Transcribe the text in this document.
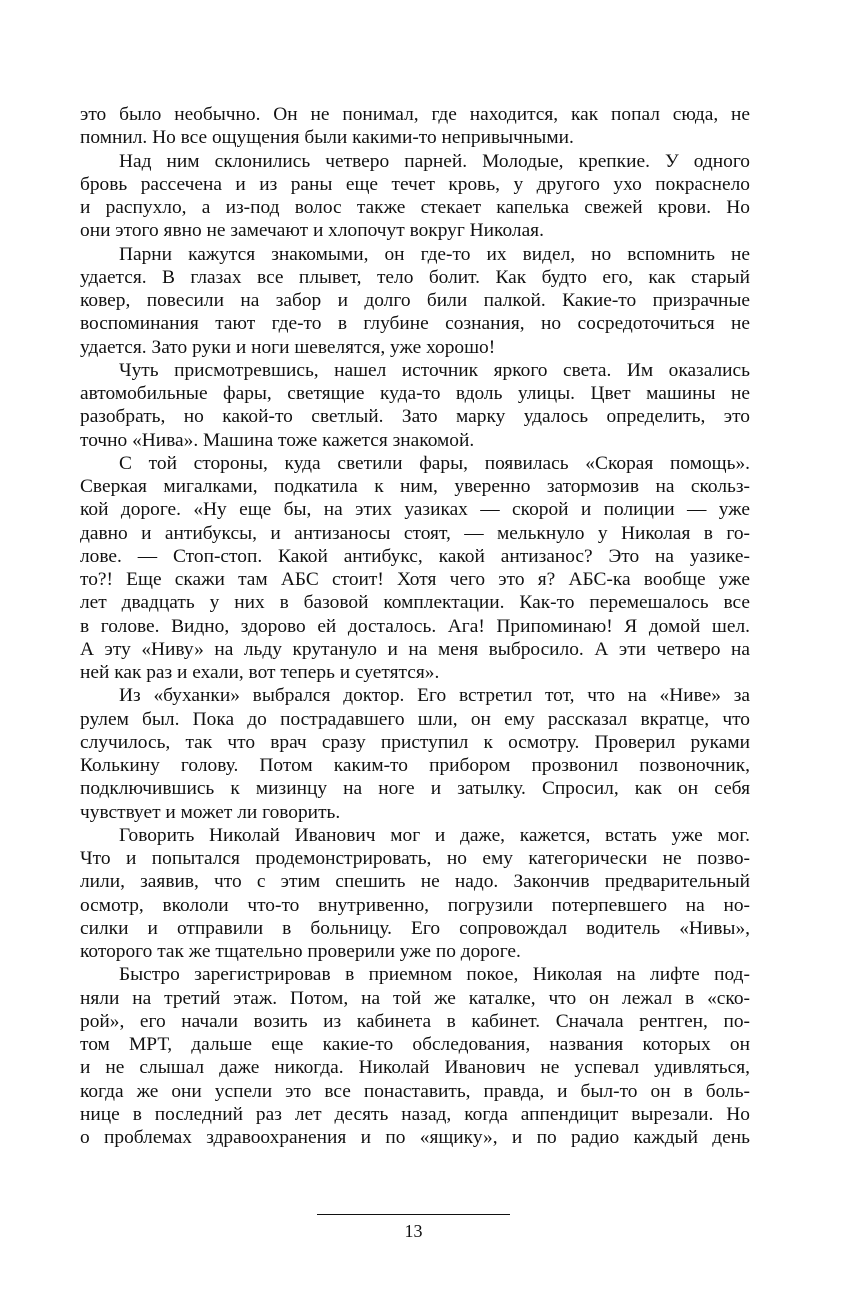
это было необычно. Он не понимал, где находится, как попал сюда, не
помнил. Но все ощущения были какими-то непривычными.
Над ним склонились четверо парней. Молодые, крепкие. У одного
бровь рассечена и из раны еще течет кровь, у другого ухо покраснело
и распухло, а из-под волос также стекает капелька свежей крови. Но
они этого явно не замечают и хлопочут вокруг Николая.
Парни кажутся знакомыми, он где-то их видел, но вспомнить не
удается. В глазах все плывет, тело болит. Как будто его, как старый
ковер, повесили на забор и долго били палкой. Какие-то призрачные
воспоминания тают где-то в глубине сознания, но сосредоточиться не
удается. Зато руки и ноги шевелятся, уже хорошо!
Чуть присмотревшись, нашел источник яркого света. Им оказались
автомобильные фары, светящие куда-то вдоль улицы. Цвет машины не
разобрать, но какой-то светлый. Зато марку удалось определить, это
точно «Нива». Машина тоже кажется знакомой.
С той стороны, куда светили фары, появилась «Скорая помощь».
Сверкая мигалками, подкатила к ним, уверенно затормозив на скольз-
кой дороге. «Ну еще бы, на этих уазиках — скорой и полиции — уже
давно и антибуксы, и антизаносы стоят, — мелькнуло у Николая в го-
лове. — Стоп-стоп. Какой антибукс, какой антизанос? Это на уазике-
то?! Еще скажи там АБС стоит! Хотя чего это я? АБС-ка вообще уже
лет двадцать у них в базовой комплектации. Как-то перемешалось все
в голове. Видно, здорово ей досталось. Ага! Припоминаю! Я домой шел.
А эту «Ниву» на льду крутануло и на меня выбросило. А эти четверо на
ней как раз и ехали, вот теперь и суетятся».
Из «буханки» выбрался доктор. Его встретил тот, что на «Ниве» за
рулем был. Пока до пострадавшего шли, он ему рассказал вкратце, что
случилось, так что врач сразу приступил к осмотру. Проверил руками
Колькину голову. Потом каким-то прибором прозвонил позвоночник,
подключившись к мизинцу на ноге и затылку. Спросил, как он себя
чувствует и может ли говорить.
Говорить Николай Иванович мог и даже, кажется, встать уже мог.
Что и попытался продемонстрировать, но ему категорически не позво-
лили, заявив, что с этим спешить не надо. Закончив предварительный
осмотр, вкололи что-то внутривенно, погрузили потерпевшего на но-
силки и отправили в больницу. Его сопровождал водитель «Нивы»,
которого так же тщательно проверили уже по дороге.
Быстро зарегистрировав в приемном покое, Николая на лифте под-
няли на третий этаж. Потом, на той же каталке, что он лежал в «ско-
рой», его начали возить из кабинета в кабинет. Сначала рентген, по-
том МРТ, дальше еще какие-то обследования, названия которых он
и не слышал даже никогда. Николай Иванович не успевал удивляться,
когда же они успели это все понаставить, правда, и был-то он в боль-
нице в последний раз лет десять назад, когда аппендицит вырезали. Но
о проблемах здравоохранения и по «ящику», и по радио каждый день
13
